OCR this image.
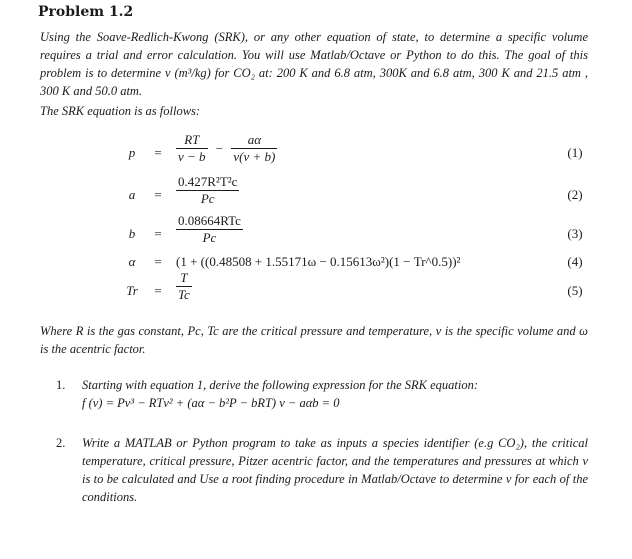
Problem 1.2
Using the Soave-Redlich-Kwong (SRK), or any other equation of state, to determine a specific volume requires a trial and error calculation. You will use Matlab/Octave or Python to do this. The goal of this problem is to determine v (m³/kg) for CO₂ at: 200 K and 6.8 atm, 300K and 6.8 atm, 300 K and 21.5 atm , 300 K and 50.0 atm.
The SRK equation is as follows:
p	=	$\frac{RT}{v - b} - \frac{a\alpha}{v(v + b)}$	(1)
a	=	$\frac{\text{0.427R²T²c}}{Pc}$	(2)
b	=	$\frac{\text{0.08664RTc}}{Pc}$	(3)
α	=	(1 + ((0.48508 + 1.55171ω − 0.15613ω²)(1 − Tr^0.5))²	(4)
Tr	=	$\frac{T}{Tc}$	(5)
Where R is the gas constant, Pc, Tc are the critical pressure and temperature, v is the specific volume and ω is the acentric factor.
1. Starting with equation 1, derive the following expression for the SRK equation:
f (v) = Pv³ − RTv² + (aα − b²P − bRT) v − aαb = 0
2. Write a MATLAB or Python program to take as inputs a species identifier (e.g CO₂), the critical temperature, critical pressure, Pitzer acentric factor, and the temperatures and pressures at which v is to be calculated and Use a root finding procedure in Matlab/Octave to determine v for each of the conditions.
